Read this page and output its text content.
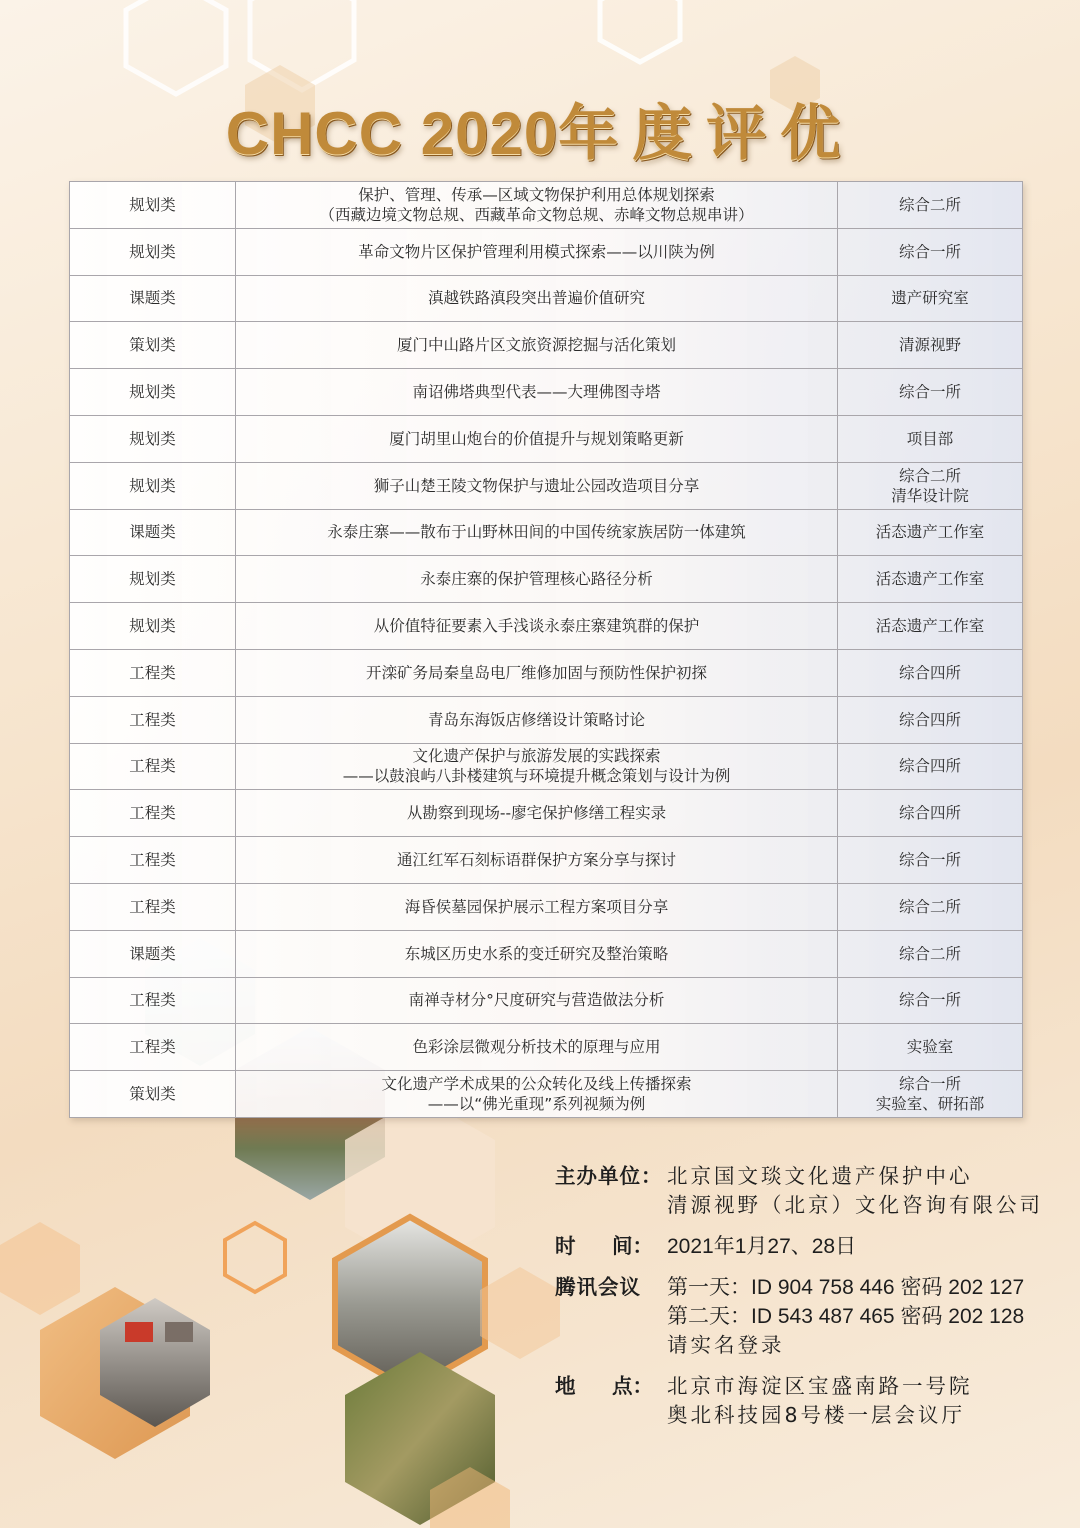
CHCC 2020年度评优
规划类	保护、管理、传承—区域文物保护利用总体规划探索
（西藏边境文物总规、西藏革命文物总规、赤峰文物总规串讲）	综合二所

规划类	革命文物片区保护管理利用模式探索——以川陕为例	综合一所

课题类	滇越铁路滇段突出普遍价值研究	遗产研究室

策划类	厦门中山路片区文旅资源挖掘与活化策划	清源视野

规划类	南诏佛塔典型代表——大理佛图寺塔	综合一所

规划类	厦门胡里山炮台的价值提升与规划策略更新	项目部

规划类	狮子山楚王陵文物保护与遗址公园改造项目分享	综合二所
清华设计院

课题类	永泰庄寨——散布于山野林田间的中国传统家族居防一体建筑	活态遗产工作室

规划类	永泰庄寨的保护管理核心路径分析	活态遗产工作室

规划类	从价值特征要素入手浅谈永泰庄寨建筑群的保护	活态遗产工作室

工程类	开滦矿务局秦皇岛电厂维修加固与预防性保护初探	综合四所

工程类	青岛东海饭店修缮设计策略讨论	综合四所

工程类	文化遗产保护与旅游发展的实践探索
——以鼓浪屿八卦楼建筑与环境提升概念策划与设计为例	综合四所

工程类	从勘察到现场--廖宅保护修缮工程实录	综合四所

工程类	通江红军石刻标语群保护方案分享与探讨	综合一所

工程类	海昏侯墓园保护展示工程方案项目分享	综合二所

课题类	东城区历史水系的变迁研究及整治策略	综合二所

工程类	南禅寺材分°尺度研究与营造做法分析	综合一所

工程类	色彩涂层微观分析技术的原理与应用	实验室

策划类	文化遗产学术成果的公众转化及线上传播探索
——以“佛光重现”系列视频为例	综合一所
实验室、研拓部
主办单位： 北京国文琰文化遗产保护中心
清源视野（北京）文化咨询有限公司
时 间： 2021年1月27、28日
腾讯会议	第一天：ID 904 758 446 密码 202 127
第二天：ID 543 487 465 密码 202 128
请实名登录
地 点： 北京市海淀区宝盛南路一号院
奥北科技园8号楼一层会议厅
